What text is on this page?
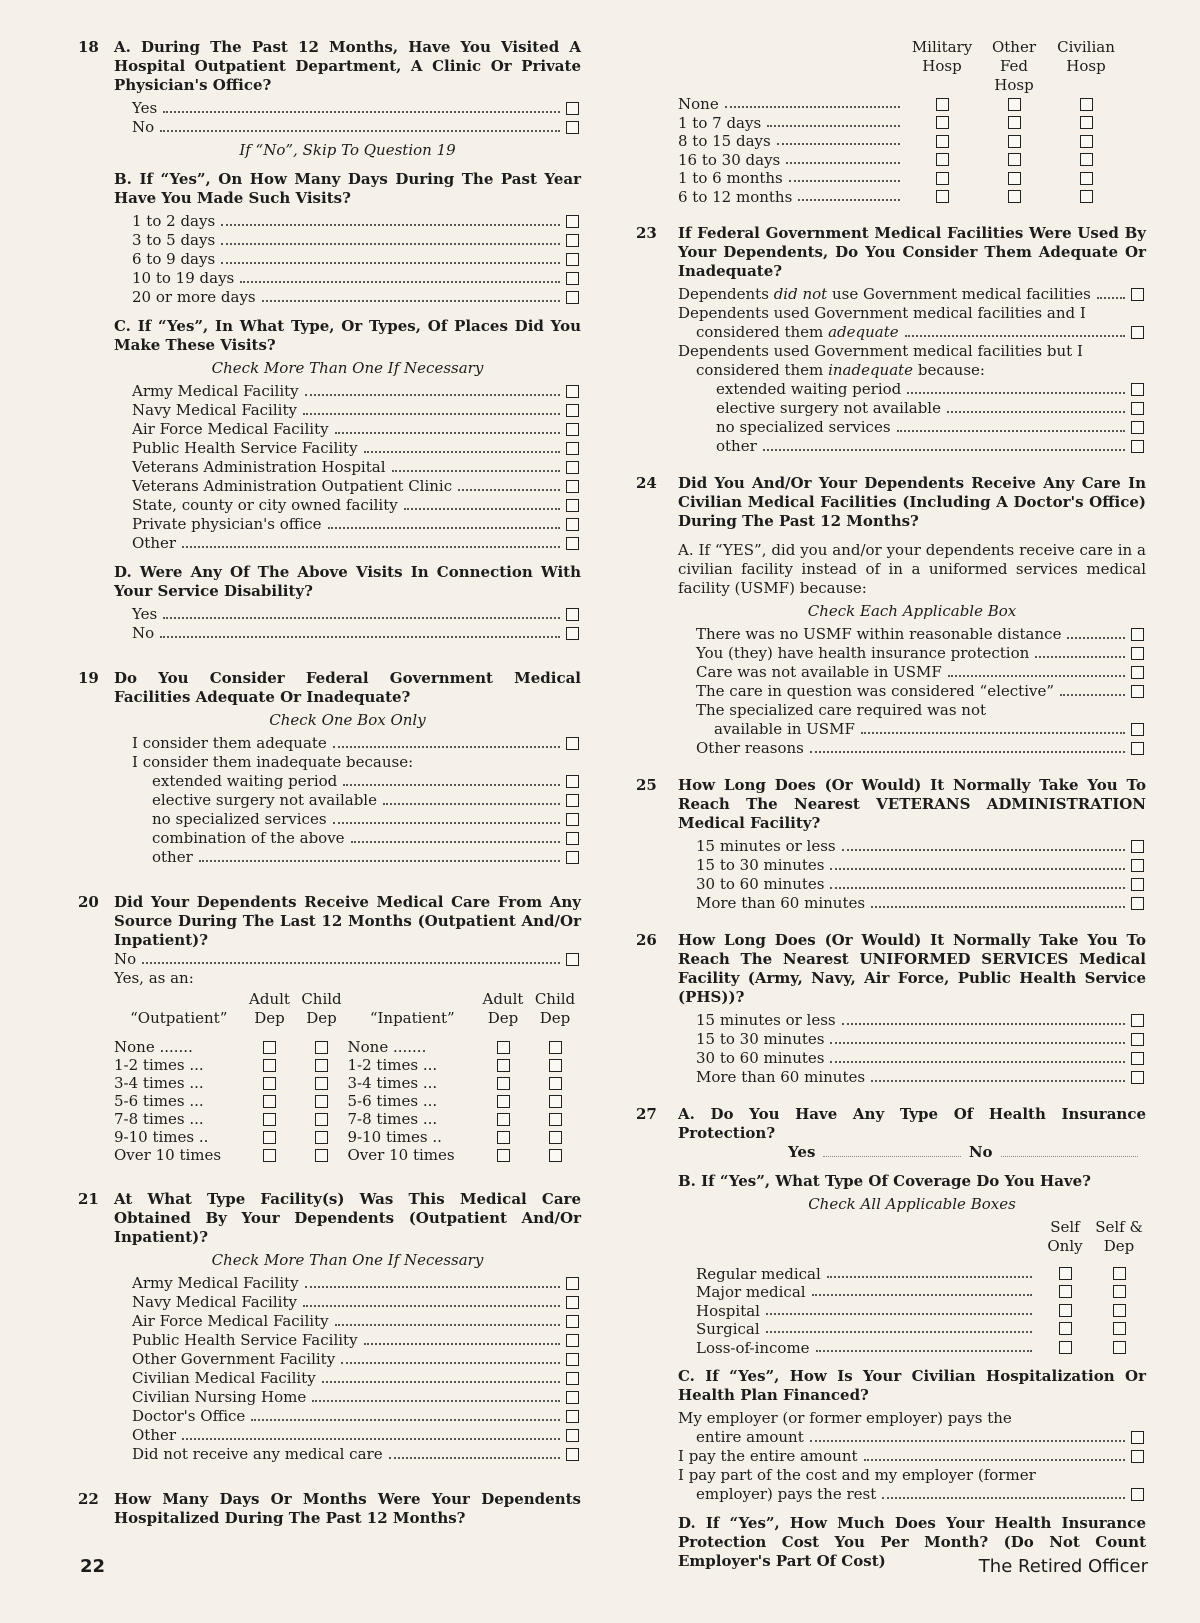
18 A. During The Past 12 Months, Have You Visited A Hospital Outpatient Department, A Clinic Or Private Physician's Office?
Yes
No
If “No”, Skip To Question 19
B. If “Yes”, On How Many Days During The Past Year Have You Made Such Visits?
1 to 2 days
3 to 5 days
6 to 9 days
10 to 19 days
20 or more days
C. If “Yes”, In What Type, Or Types, Of Places Did You Make These Visits?
Check More Than One If Necessary
Army Medical Facility
Navy Medical Facility
Air Force Medical Facility
Public Health Service Facility
Veterans Administration Hospital
Veterans Administration Outpatient Clinic
State, county or city owned facility
Private physician's office
Other
D. Were Any Of The Above Visits In Connection With Your Service Disability?
Yes
No
19 Do You Consider Federal Government Medical Facilities Adequate Or Inadequate?
Check One Box Only
I consider them adequate
I consider them inadequate because:
extended waiting period
elective surgery not available
no specialized services
combination of the above
other
20 Did Your Dependents Receive Medical Care From Any Source During The Last 12 Months (Outpatient And/Or Inpatient)?
No
Yes, as an:
“Outpatient”
Adult Dep
Child Dep
None .......
1-2 times ...
3-4 times ...
5-6 times ...
7-8 times ...
9-10 times ..
Over 10 times
“Inpatient”
Adult Dep
Child Dep
None .......
1-2 times ...
3-4 times ...
5-6 times ...
7-8 times ...
9-10 times ..
Over 10 times
21 At What Type Facility(s) Was This Medical Care Obtained By Your Dependents (Outpatient And/Or Inpatient)?
Check More Than One If Necessary
Army Medical Facility
Navy Medical Facility
Air Force Medical Facility
Public Health Service Facility
Other Government Facility
Civilian Medical Facility
Civilian Nursing Home
Doctor's Office
Other
Did not receive any medical care
22 How Many Days Or Months Were Your Dependents Hospitalized During The Past 12 Months?
Military Hosp
Other Fed Hosp
Civilian Hosp
None
1 to 7 days
8 to 15 days
16 to 30 days
1 to 6 months
6 to 12 months
23 If Federal Government Medical Facilities Were Used By Your Dependents, Do You Consider Them Adequate Or Inadequate?
Dependents did not use Government medical facilities
Dependents used Government medical facilities and I
considered them adequate
Dependents used Government medical facilities but I
considered them inadequate because:
extended waiting period
elective surgery not available
no specialized services
other
24 Did You And/Or Your Dependents Receive Any Care In Civilian Medical Facilities (Including A Doctor's Office) During The Past 12 Months?
A. If “YES”, did you and/or your dependents receive care in a civilian facility instead of in a uniformed services medical facility (USMF) because:
Check Each Applicable Box
There was no USMF within reasonable distance
You (they) have health insurance protection
Care was not available in USMF
The care in question was considered “elective”
The specialized care required was not
available in USMF
Other reasons
25 How Long Does (Or Would) It Normally Take You To Reach The Nearest VETERANS ADMINISTRATION Medical Facility?
15 minutes or less
15 to 30 minutes
30 to 60 minutes
More than 60 minutes
26 How Long Does (Or Would) It Normally Take You To Reach The Nearest UNIFORMED SERVICES Medical Facility (Army, Navy, Air Force, Public Health Service (PHS))?
15 minutes or less
15 to 30 minutes
30 to 60 minutes
More than 60 minutes
27 A. Do You Have Any Type Of Health Insurance Protection?
Yes	No
B. If “Yes”, What Type Of Coverage Do You Have?
Check All Applicable Boxes
Self Only
Self & Dep
Regular medical
Major medical
Hospital
Surgical
Loss-of-income
C. If “Yes”, How Is Your Civilian Hospitalization Or Health Plan Financed?
My employer (or former employer) pays the
entire amount
I pay the entire amount
I pay part of the cost and my employer (former
employer) pays the rest
D. If “Yes”, How Much Does Your Health Insurance Protection Cost You Per Month? (Do Not Count Employer's Part Of Cost)
22	The Retired Officer
